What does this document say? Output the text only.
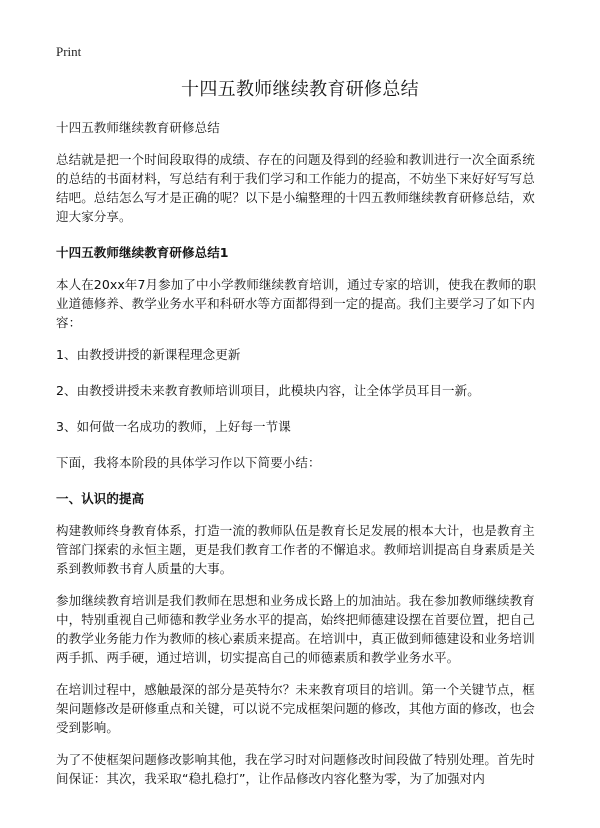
Print
十四五教师继续教育研修总结

十四五教师继续教育研修总结

总结就是把一个时间段取得的成绩、存在的问题及得到的经验和教训进行一次全面系统的总结的书面材料，写总结有利于我们学习和工作能力的提高，不妨坐下来好好写写总结吧。总结怎么写才是正确的呢？以下是小编整理的十四五教师继续教育研修总结，欢迎大家分享。

十四五教师继续教育研修总结1

本人在20xx年7月参加了中小学教师继续教育培训，通过专家的培训，使我在教师的职业道德修养、教学业务水平和科研水等方面都得到一定的提高。我们主要学习了如下内容：

1、由教授讲授的新课程理念更新

2、由教授讲授未来教育教师培训项目，此模块内容，让全体学员耳目一新。

3、如何做一名成功的教师，上好每一节课

下面，我将本阶段的具体学习作以下简要小结：

一、认识的提高

构建教师终身教育体系，打造一流的教师队伍是教育长足发展的根本大计，也是教育主管部门探索的永恒主题，更是我们教育工作者的不懈追求。教师培训提高自身素质是关系到教师教书育人质量的大事。

参加继续教育培训是我们教师在思想和业务成长路上的加油站。我在参加教师继续教育中，特别重视自己师德和教学业务水平的提高，始终把师德建设摆在首要位置，把自己的教学业务能力作为教师的核心素质来提高。在培训中，真正做到师德建设和业务培训两手抓、两手硬，通过培训，切实提高自己的师德素质和教学业务水平。

在培训过程中，感触最深的部分是英特尔？未来教育项目的培训。第一个关键节点，框架问题修改是研修重点和关键，可以说不完成框架问题的修改，其他方面的修改，也会受到影响。

为了不使框架问题修改影响其他，我在学习时对问题修改时间段做了特别处理。首先时间保证：其次，我采取“稳扎稳打”，让作品修改内容化整为零，为了加强对内
